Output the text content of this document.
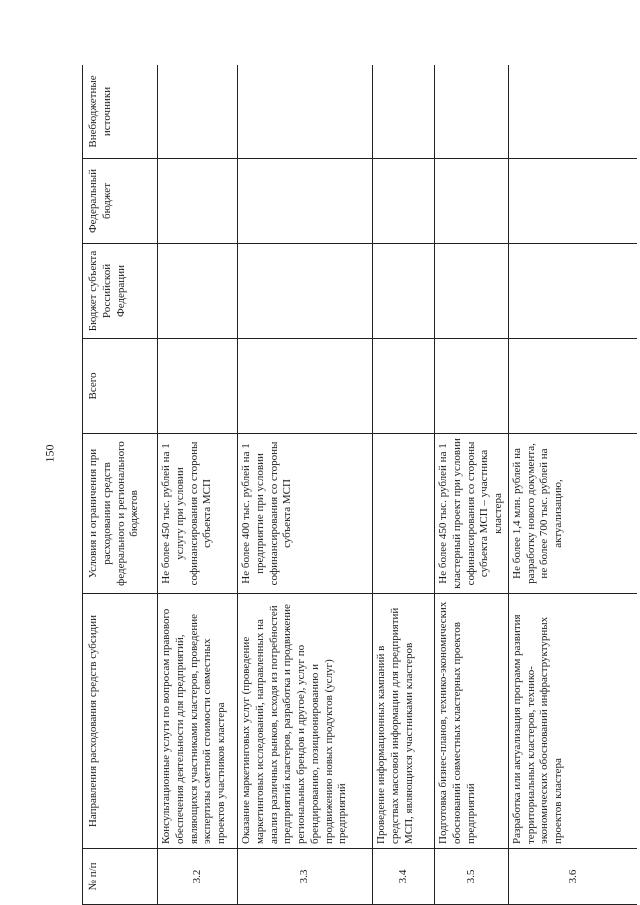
150
№ п/п	Направления расходования средств субсидии	Условия и ограничения при расходовании средств федерального и регионального бюджетов	Всего	Бюджет субъекта Российской Федерации	Федеральный бюджет	Внебюджетные источники
3.2	Консультационные услуги по вопросам правового обеспечения деятельности для предприятий, являющихся участниками кластеров, проведение экспертизы сметной стоимости совместных проектов участников кластера	Не более 450 тыс. рублей на 1 услугу при условии софинансирования со стороны субъекта МСП				
3.3	Оказание маркетинговых услуг (проведение маркетинговых исследований, направленных на анализ различных рынков, исходя из потребностей предприятий кластеров, разработка и продвижение региональных брендов и другое), услуг по брендированию, позиционированию и продвижению новых продуктов (услуг) предприятий	Не более 400 тыс. рублей на 1 предприятие при условии софинансирования со стороны субъекта МСП				
3.4	Проведение информационных кампаний в средствах массовой информации для предприятий МСП, являющихся участниками кластеров					
3.5	Подготовка бизнес-планов, технико-экономических обоснований совместных кластерных проектов предприятий	Не более 450 тыс. рублей на 1 кластерный проект при условии софинансирования со стороны субъекта МСП – участника кластера				
3.6	Разработка или актуализация программ развития территориальных кластеров, технико-экономических обоснований инфраструктурных проектов кластера	Не более 1,4 млн. рублей на разработку нового документа, не более 700 тыс. рублей на актуализацию,				
